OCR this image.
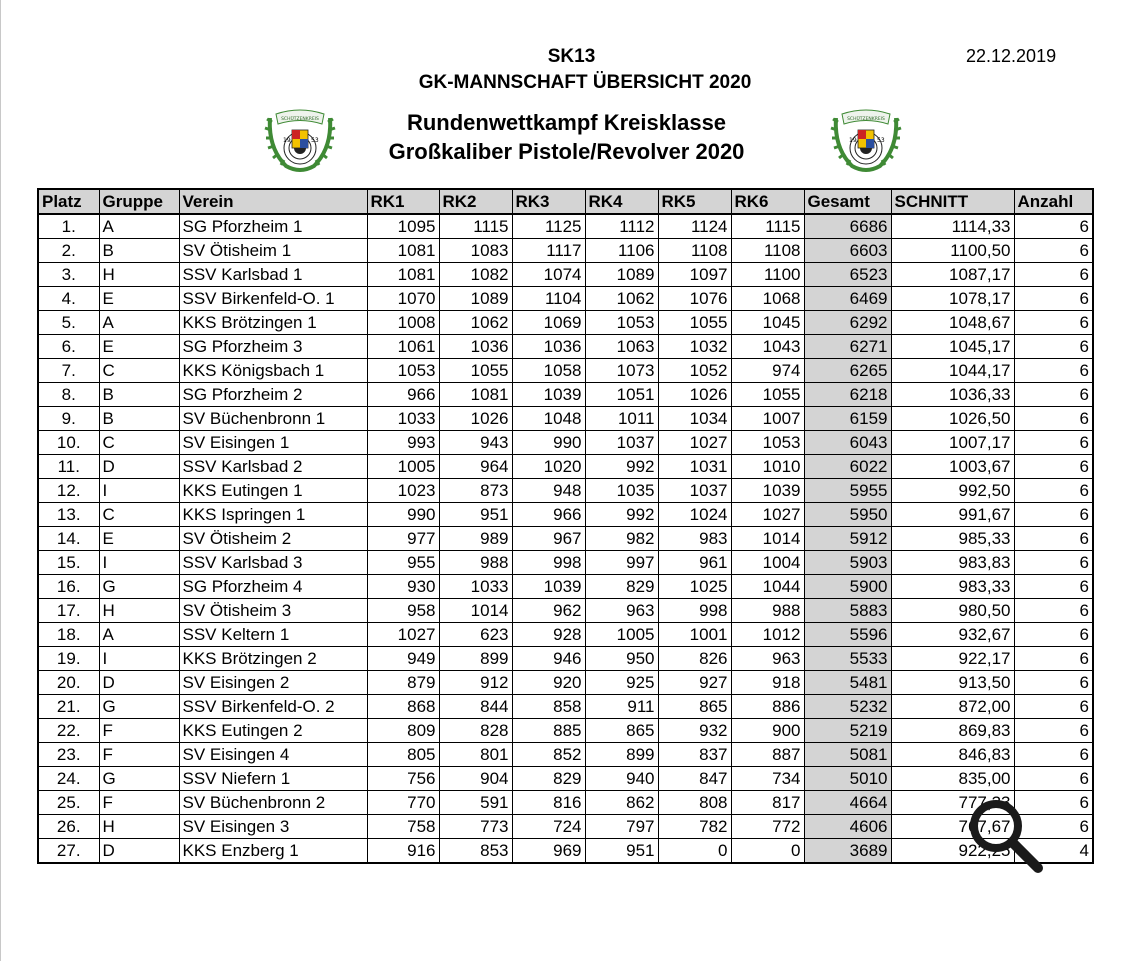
SK13
GK-MANNSCHAFT ÜBERSICHT 2020
22.12.2019
Rundenwettkampf Kreisklasse
Großkaliber Pistole/Revolver 2020
SCHÜTZENKREIS
19	53
SCHÜTZENKREIS
19	53
Platz	Gruppe	Verein	RK1	RK2	RK3	RK4	RK5	RK6	Gesamt	SCHNITT	Anzahl
1.	A	SG Pforzheim 1	1095	1115	1125	1112	1124	1115	6686	1114,33	6
2.	B	SV Ötisheim 1	1081	1083	1117	1106	1108	1108	6603	1100,50	6
3.	H	SSV Karlsbad 1	1081	1082	1074	1089	1097	1100	6523	1087,17	6
4.	E	SSV Birkenfeld-O. 1	1070	1089	1104	1062	1076	1068	6469	1078,17	6
5.	A	KKS Brötzingen 1	1008	1062	1069	1053	1055	1045	6292	1048,67	6
6.	E	SG Pforzheim 3	1061	1036	1036	1063	1032	1043	6271	1045,17	6
7.	C	KKS Königsbach 1	1053	1055	1058	1073	1052	974	6265	1044,17	6
8.	B	SG Pforzheim 2	966	1081	1039	1051	1026	1055	6218	1036,33	6
9.	B	SV Büchenbronn 1	1033	1026	1048	1011	1034	1007	6159	1026,50	6
10.	C	SV Eisingen 1	993	943	990	1037	1027	1053	6043	1007,17	6
11.	D	SSV Karlsbad 2	1005	964	1020	992	1031	1010	6022	1003,67	6
12.	I	KKS Eutingen 1	1023	873	948	1035	1037	1039	5955	992,50	6
13.	C	KKS Ispringen 1	990	951	966	992	1024	1027	5950	991,67	6
14.	E	SV Ötisheim 2	977	989	967	982	983	1014	5912	985,33	6
15.	I	SSV Karlsbad 3	955	988	998	997	961	1004	5903	983,83	6
16.	G	SG Pforzheim 4	930	1033	1039	829	1025	1044	5900	983,33	6
17.	H	SV Ötisheim 3	958	1014	962	963	998	988	5883	980,50	6
18.	A	SSV Keltern 1	1027	623	928	1005	1001	1012	5596	932,67	6
19.	I	KKS Brötzingen 2	949	899	946	950	826	963	5533	922,17	6
20.	D	SV Eisingen 2	879	912	920	925	927	918	5481	913,50	6
21.	G	SSV Birkenfeld-O. 2	868	844	858	911	865	886	5232	872,00	6
22.	F	KKS Eutingen 2	809	828	885	865	932	900	5219	869,83	6
23.	F	SV Eisingen 4	805	801	852	899	837	887	5081	846,83	6
24.	G	SSV Niefern 1	756	904	829	940	847	734	5010	835,00	6
25.	F	SV Büchenbronn 2	770	591	816	862	808	817	4664	777,33	6
26.	H	SV Eisingen 3	758	773	724	797	782	772	4606	767,67	6
27.	D	KKS Enzberg 1	916	853	969	951	0	0	3689	922,25	4
